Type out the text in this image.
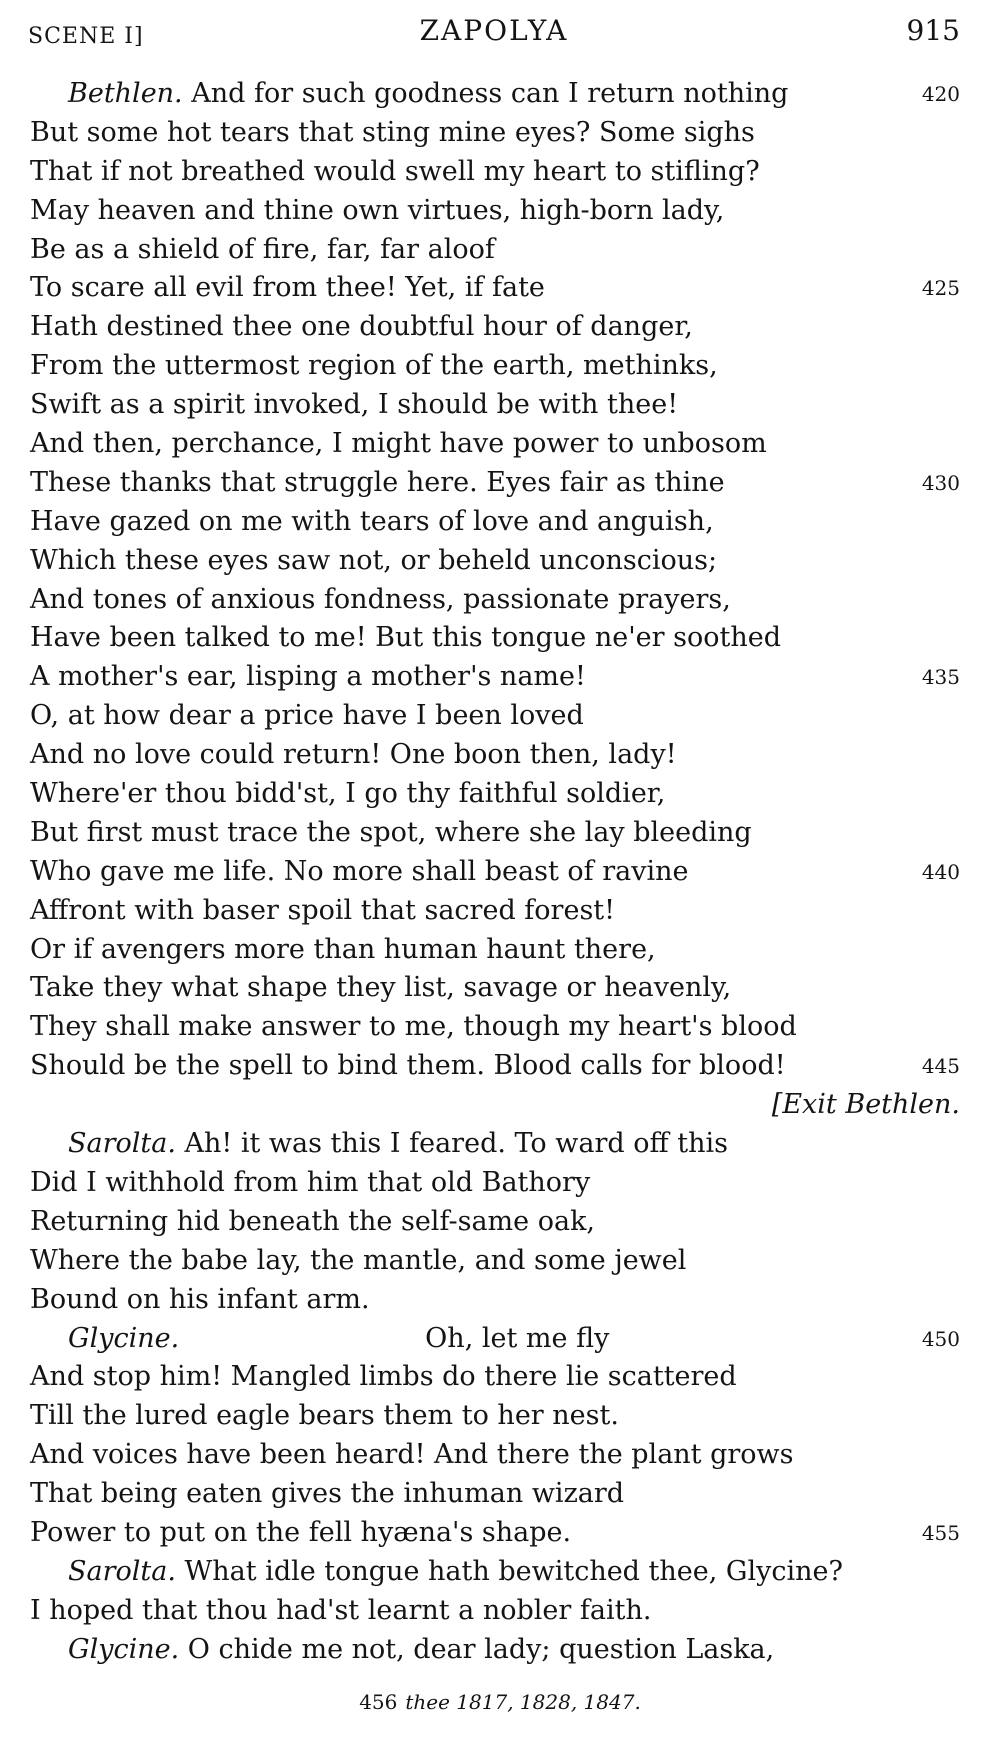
SCENE I]	ZAPOLYA	915
Bethlen. And for such goodness can I return nothing	420
But some hot tears that sting mine eyes? Some sighs
That if not breathed would swell my heart to stifling?
May heaven and thine own virtues, high-born lady,
Be as a shield of fire, far, far aloof
To scare all evil from thee! Yet, if fate	425
Hath destined thee one doubtful hour of danger,
From the uttermost region of the earth, methinks,
Swift as a spirit invoked, I should be with thee!
And then, perchance, I might have power to unbosom
These thanks that struggle here. Eyes fair as thine	430
Have gazed on me with tears of love and anguish,
Which these eyes saw not, or beheld unconscious;
And tones of anxious fondness, passionate prayers,
Have been talked to me! But this tongue ne'er soothed
A mother's ear, lisping a mother's name!	435
O, at how dear a price have I been loved
And no love could return! One boon then, lady!
Where'er thou bidd'st, I go thy faithful soldier,
But first must trace the spot, where she lay bleeding
Who gave me life. No more shall beast of ravine	440
Affront with baser spoil that sacred forest!
Or if avengers more than human haunt there,
Take they what shape they list, savage or heavenly,
They shall make answer to me, though my heart's blood
Should be the spell to bind them. Blood calls for blood!	445
[Exit Bethlen.
Sarolta. Ah! it was this I feared. To ward off this
Did I withhold from him that old Bathory
Returning hid beneath the self-same oak,
Where the babe lay, the mantle, and some jewel
Bound on his infant arm.
Glycine.	Oh, let me fly	450
And stop him! Mangled limbs do there lie scattered
Till the lured eagle bears them to her nest.
And voices have been heard! And there the plant grows
That being eaten gives the inhuman wizard
Power to put on the fell hyæna's shape.	455
Sarolta. What idle tongue hath bewitched thee, Glycine?
I hoped that thou had'st learnt a nobler faith.
Glycine. O chide me not, dear lady; question Laska,
456 thee 1817, 1828, 1847.
